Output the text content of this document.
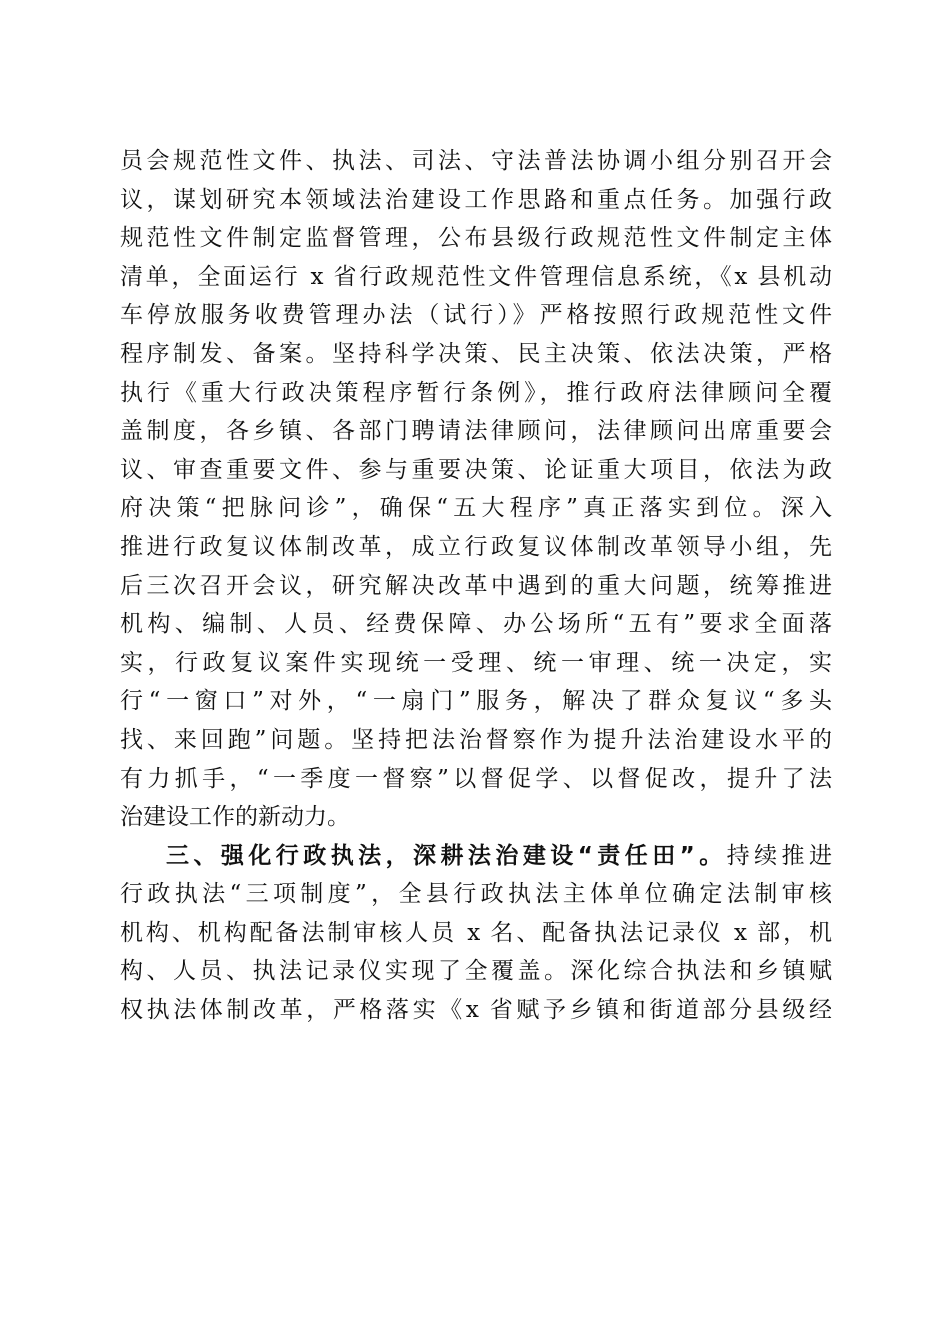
员会规范性文件、执法、司法、守法普法协调小组分别召开会
议，谋划研究本领域法治建设工作思路和重点任务。加强行政
规范性文件制定监督管理，公布县级行政规范性文件制定主体
清单，全面运行 x 省行政规范性文件管理信息系统，《x 县机动
车停放服务收费管理办法（试行）》严格按照行政规范性文件
程序制发、备案。坚持科学决策、民主决策、依法决策，严格
执行《重大行政决策程序暂行条例》，推行政府法律顾问全覆
盖制度，各乡镇、各部门聘请法律顾问，法律顾问出席重要会
议、审查重要文件、参与重要决策、论证重大项目，依法为政
府决策“把脉问诊”，确保“五大程序”真正落实到位。深入
推进行政复议体制改革，成立行政复议体制改革领导小组，先
后三次召开会议，研究解决改革中遇到的重大问题，统筹推进
机构、编制、人员、经费保障、办公场所“五有”要求全面落
实，行政复议案件实现统一受理、统一审理、统一决定，实
行“一窗口”对外，“一扇门”服务，解决了群众复议“多头
找、来回跑”问题。坚持把法治督察作为提升法治建设水平的
有力抓手，“一季度一督察”以督促学、以督促改，提升了法
治建设工作的新动力。
三、强化行政执法，深耕法治建设“责任田”。持续推进
行政执法“三项制度”，全县行政执法主体单位确定法制审核
机构、机构配备法制审核人员 x 名、配备执法记录仪 x 部，机
构、人员、执法记录仪实现了全覆盖。深化综合执法和乡镇赋
权执法体制改革，严格落实《x 省赋予乡镇和街道部分县级经
